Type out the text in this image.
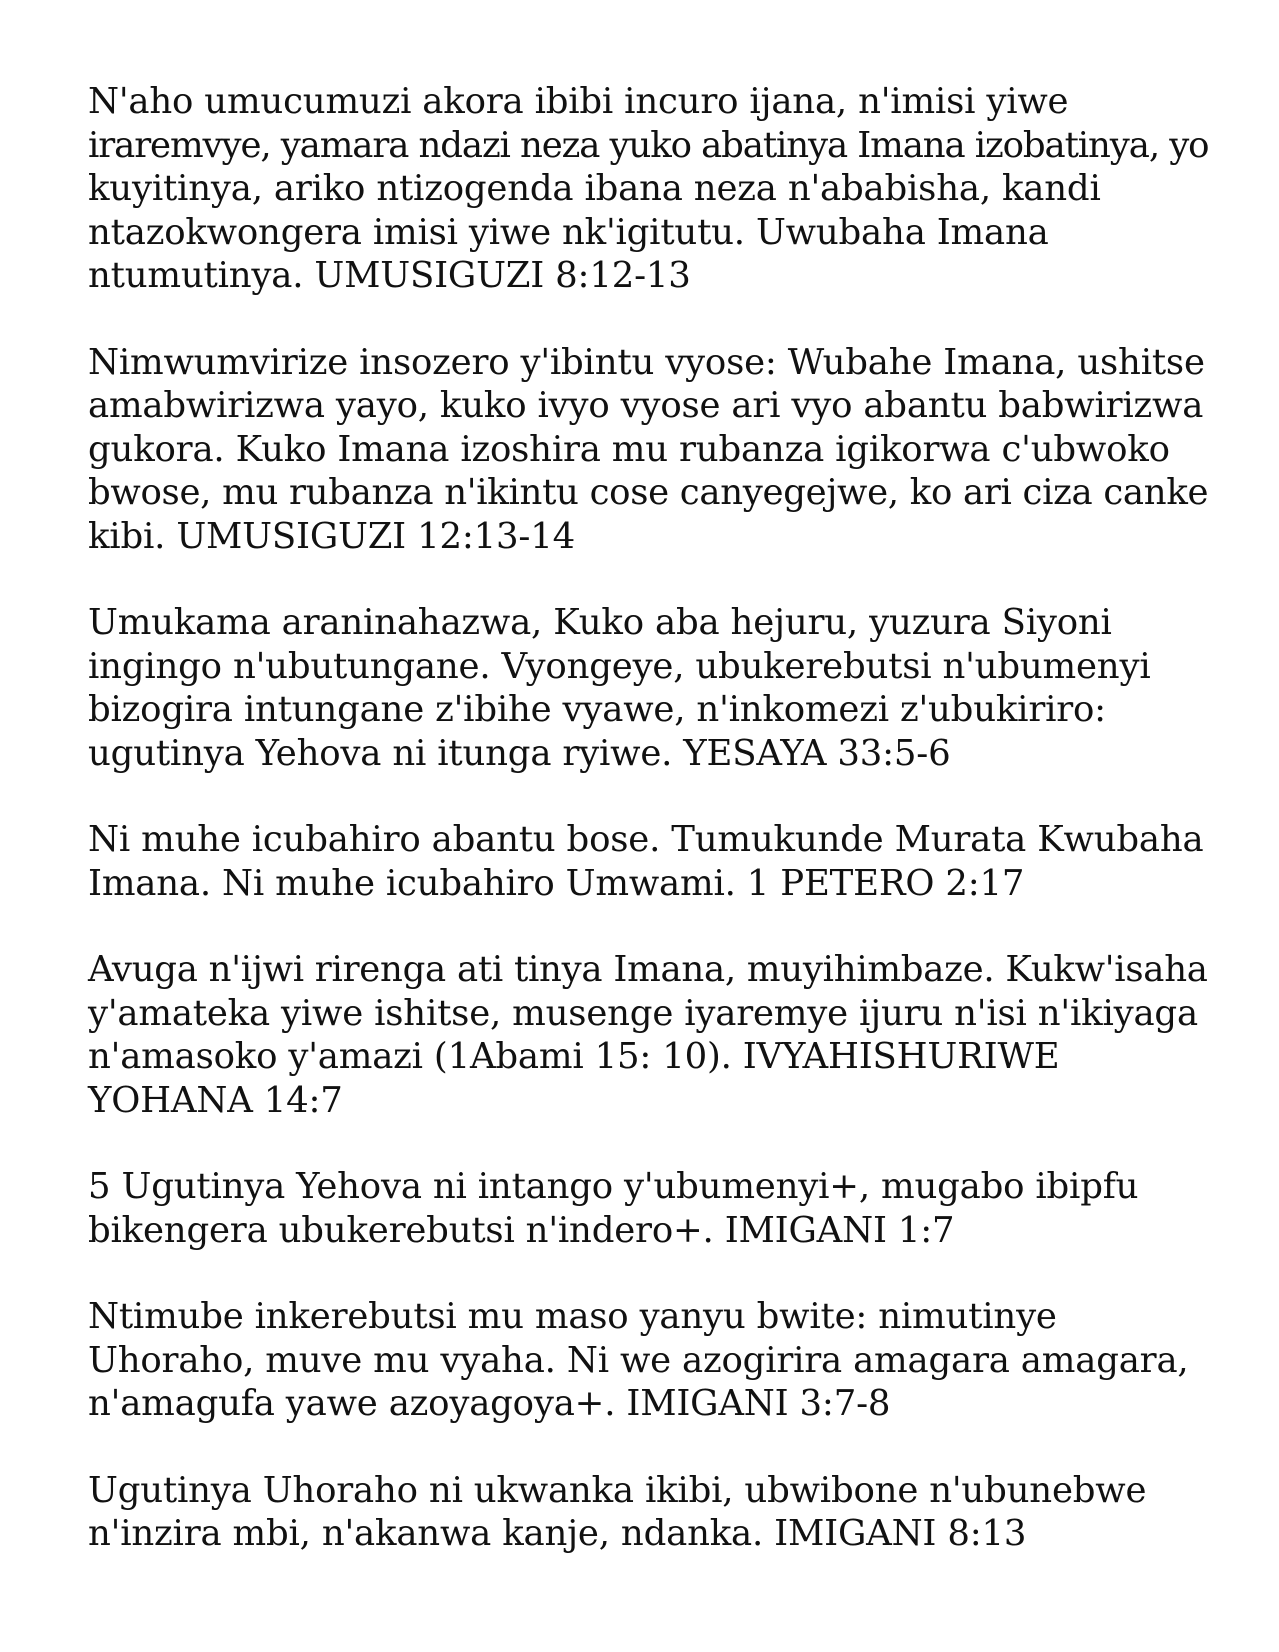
N'aho umucumuzi akora ibibi incuro ijana, n'imisi yiwe
iraremvye, yamara ndazi neza yuko abatinya Imana izobatinya, yo
kuyitinya, ariko ntizogenda ibana neza n'ababisha, kandi
ntazokwongera imisi yiwe nk'igitutu. Uwubaha Imana
ntumutinya. UMUSIGUZI 8:12-13

Nimwumvirize insozero y'ibintu vyose: Wubahe Imana, ushitse
amabwirizwa yayo, kuko ivyo vyose ari vyo abantu babwirizwa
gukora. Kuko Imana izoshira mu rubanza igikorwa c'ubwoko
bwose, mu rubanza n'ikintu cose canyegejwe, ko ari ciza canke
kibi. UMUSIGUZI 12:13-14

Umukama araninahazwa, Kuko aba hejuru, yuzura Siyoni
ingingo n'ubutungane. Vyongeye, ubukerebutsi n'ubumenyi
bizogira intungane z'ibihe vyawe, n'inkomezi z'ubukiriro:
ugutinya Yehova ni itunga ryiwe. YESAYA 33:5-6

Ni muhe icubahiro abantu bose. Tumukunde Murata Kwubaha
Imana. Ni muhe icubahiro Umwami. 1 PETERO 2:17

Avuga n'ijwi rirenga ati tinya Imana, muyihimbaze. Kukw'isaha
y'amateka yiwe ishitse, musenge iyaremye ijuru n'isi n'ikiyaga
n'amasoko y'amazi (1Abami 15: 10). IVYAHISHURIWE
YOHANA 14:7

5 Ugutinya Yehova ni intango y'ubumenyi+, mugabo ibipfu
bikengera ubukerebutsi n'indero+. IMIGANI 1:7

Ntimube inkerebutsi mu maso yanyu bwite: nimutinye
Uhoraho, muve mu vyaha. Ni we azogirira amagara amagara,
n'amagufa yawe azoyagoya+. IMIGANI 3:7-8

Ugutinya Uhoraho ni ukwanka ikibi, ubwibone n'ubunebwe
n'inzira mbi, n'akanwa kanje, ndanka. IMIGANI 8:13
